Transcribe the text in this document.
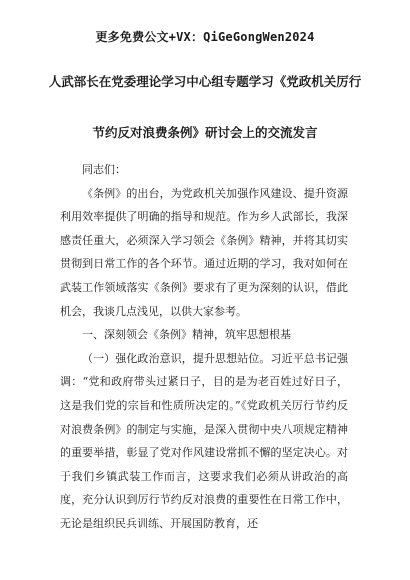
更多免费公文+VX：QiGeGongWen2024
人武部长在党委理论学习中心组专题学习《党政机关厉行
节约反对浪费条例》研讨会上的交流发言

同志们：

《条例》的出台，为党政机关加强作风建设、提升资源利用效率提供了明确的指导和规范。作为乡人武部长，我深感责任重大，必须深入学习领会《条例》精神，并将其切实贯彻到日常工作的各个环节。通过近期的学习，我对如何在武装工作领域落实《条例》要求有了更为深刻的认识，借此机会，我谈几点浅见，以供大家参考。

一、深刻领会《条例》精神，筑牢思想根基

（一）强化政治意识，提升思想站位。习近平总书记强调：“党和政府带头过紧日子，目的是为老百姓过好日子，这是我们党的宗旨和性质所决定的。”《党政机关厉行节约反对浪费条例》的制定与实施，是深入贯彻中央八项规定精神的重要举措，彰显了党对作风建设常抓不懈的坚定决心。对于我们乡镇武装工作而言，这要求我们必须从讲政治的高度，充分认识到厉行节约反对浪费的重要性在日常工作中，无论是组织民兵训练、开展国防教育，还
